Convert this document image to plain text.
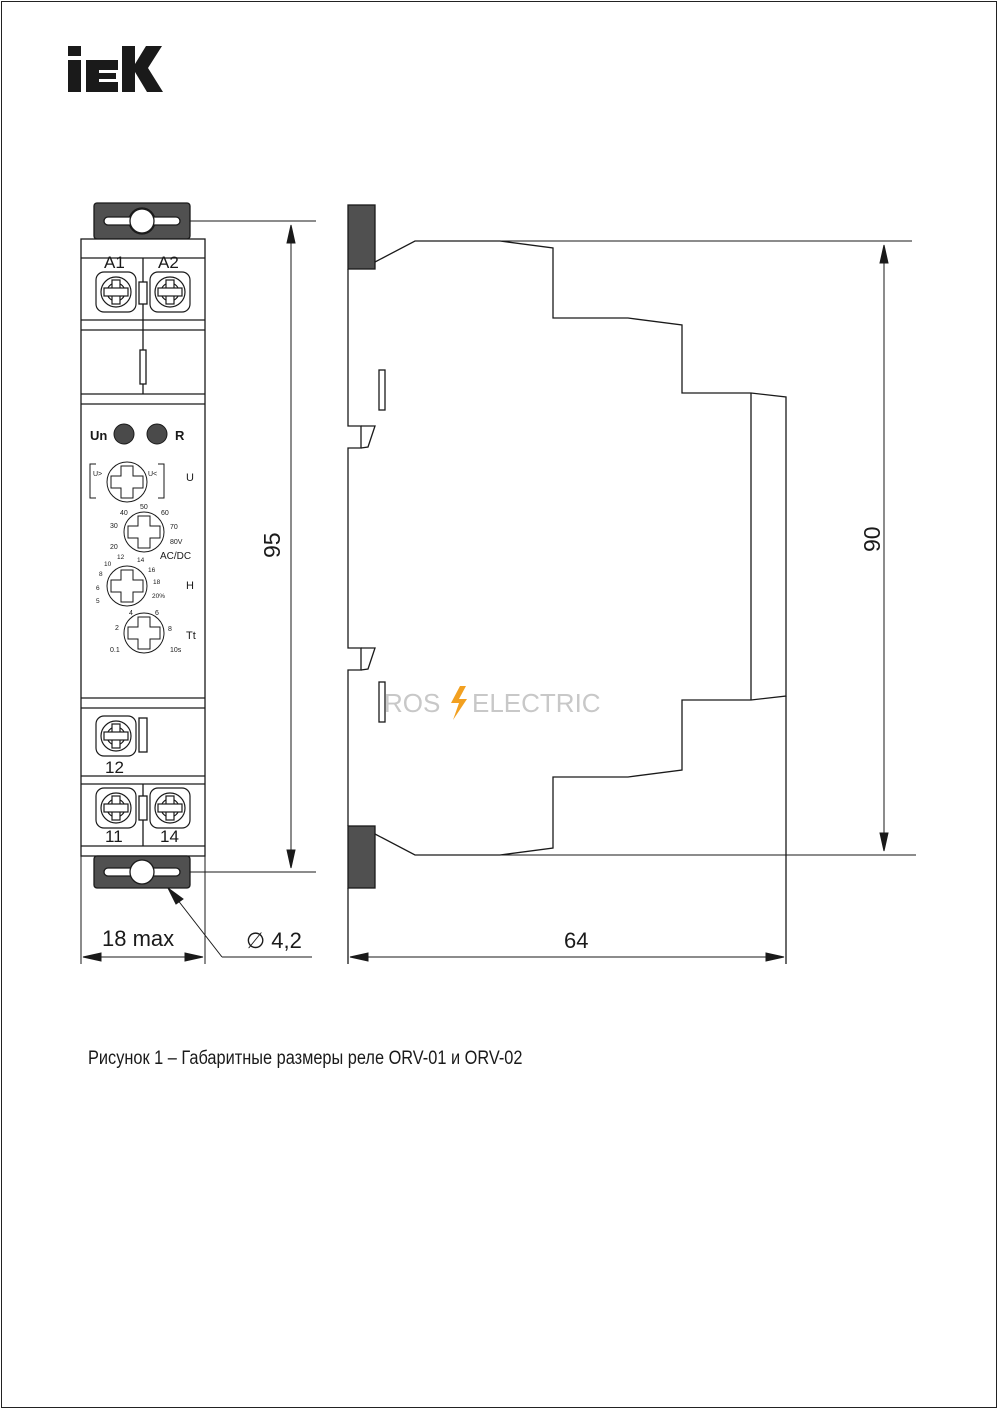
A1 A2
12
11 14
Un	R
U>	U<	U
20
30
40
50
60
70
80V
AC/DC
5
6
8
10
12 14
16
18
20%
H
0.1
2
4	6
8
10s
Tt
95
18 max	∅ 4,2
ROS ELECTRIC
90
64
Рисунок 1 – Габаритные размеры реле ORV-01 и ORV-02
